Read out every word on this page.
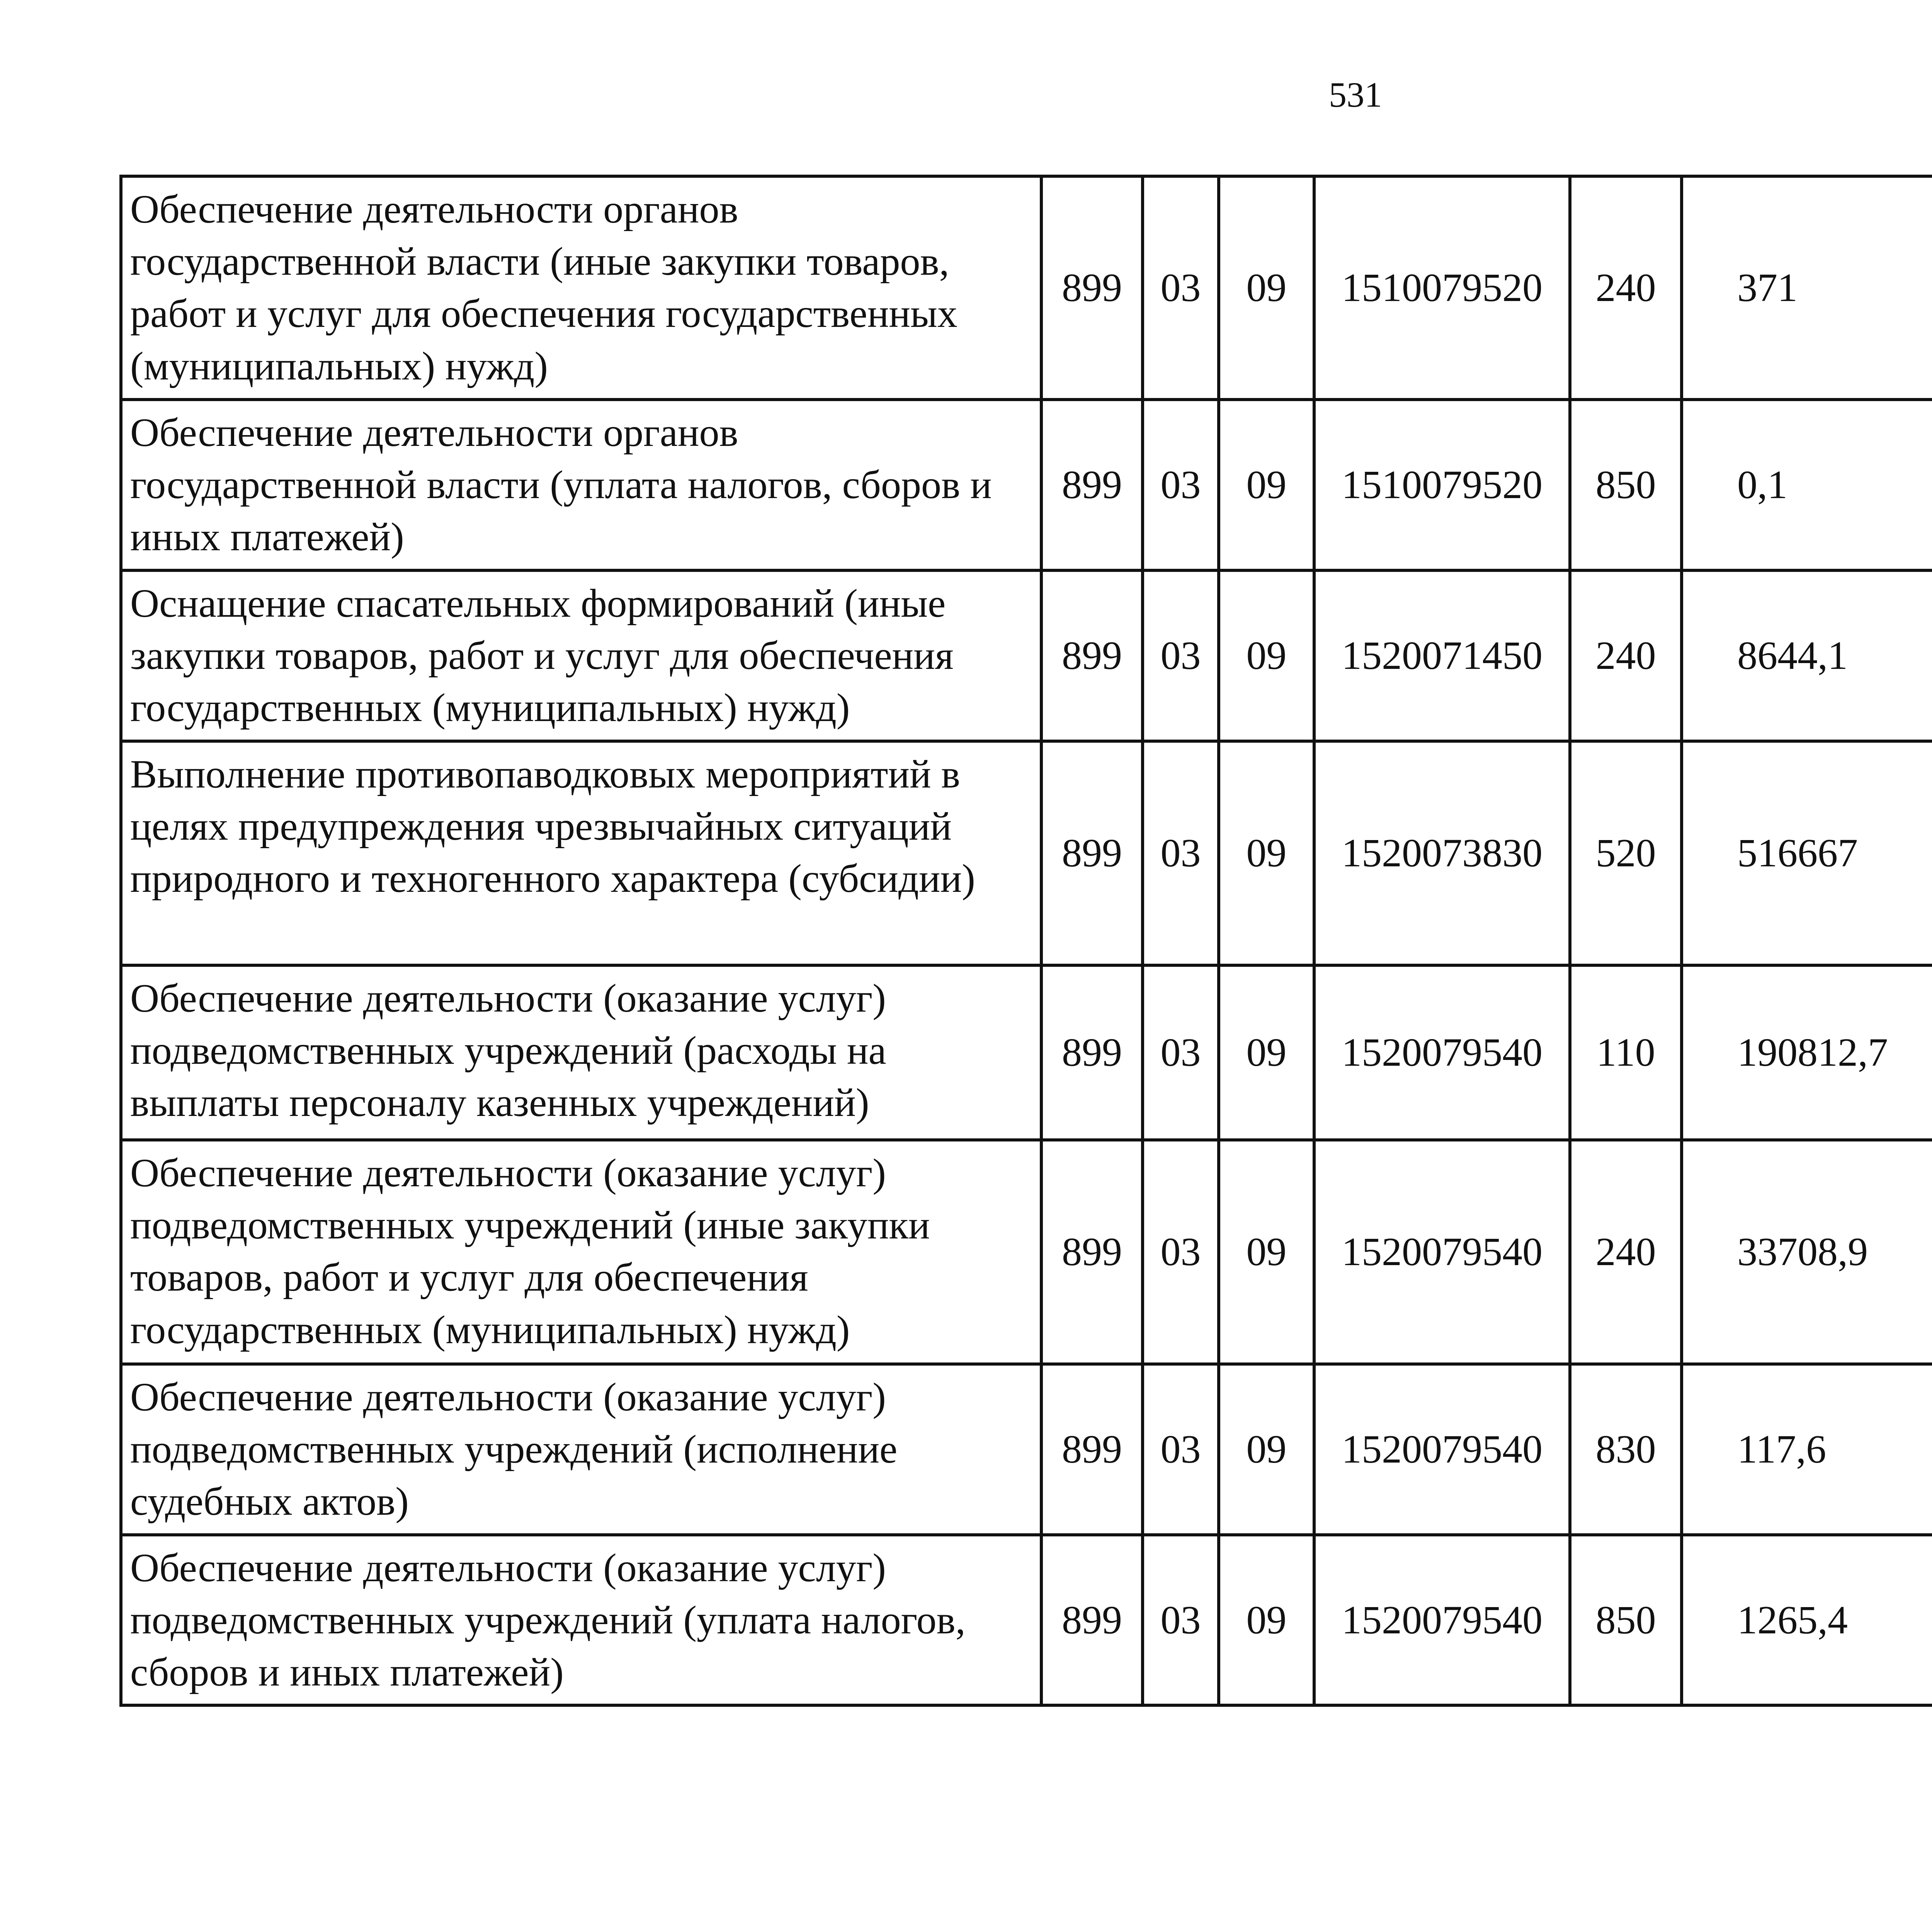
531
Обеспечение деятельности органов государственной власти (иные закупки товаров, работ и услуг для обеспечения государственных (муниципальных) нужд)	899	03	09	1510079520	240	371		
Обеспечение деятельности органов государственной власти (уплата налогов, сборов и иных платежей)	899	03	09	1510079520	850	0,1		
Оснащение спасательных формирований (иные закупки товаров, работ и услуг для обеспечения государственных (муниципальных) нужд)	899	03	09	1520071450	240	8644,1		
Выполнение противопаводковых мероприятий в целях предупреждения чрезвычайных ситуаций природного и техногенного характера (субсидии)	899	03	09	1520073830	520	516667		
Обеспечение деятельности (оказание услуг) подведомственных учреждений (расходы на выплаты персоналу казенных учреждений)	899	03	09	1520079540	110	190812,7		
Обеспечение деятельности (оказание услуг) подведомственных учреждений (иные закупки товаров, работ и услуг для обеспечения государственных (муниципальных) нужд)	899	03	09	1520079540	240	33708,9		
Обеспечение деятельности (оказание услуг) подведомственных учреждений (исполнение судебных актов)	899	03	09	1520079540	830	117,6		
Обеспечение деятельности (оказание услуг) подведомственных учреждений (уплата налогов, сборов и иных платежей)	899	03	09	1520079540	850	1265,4		
